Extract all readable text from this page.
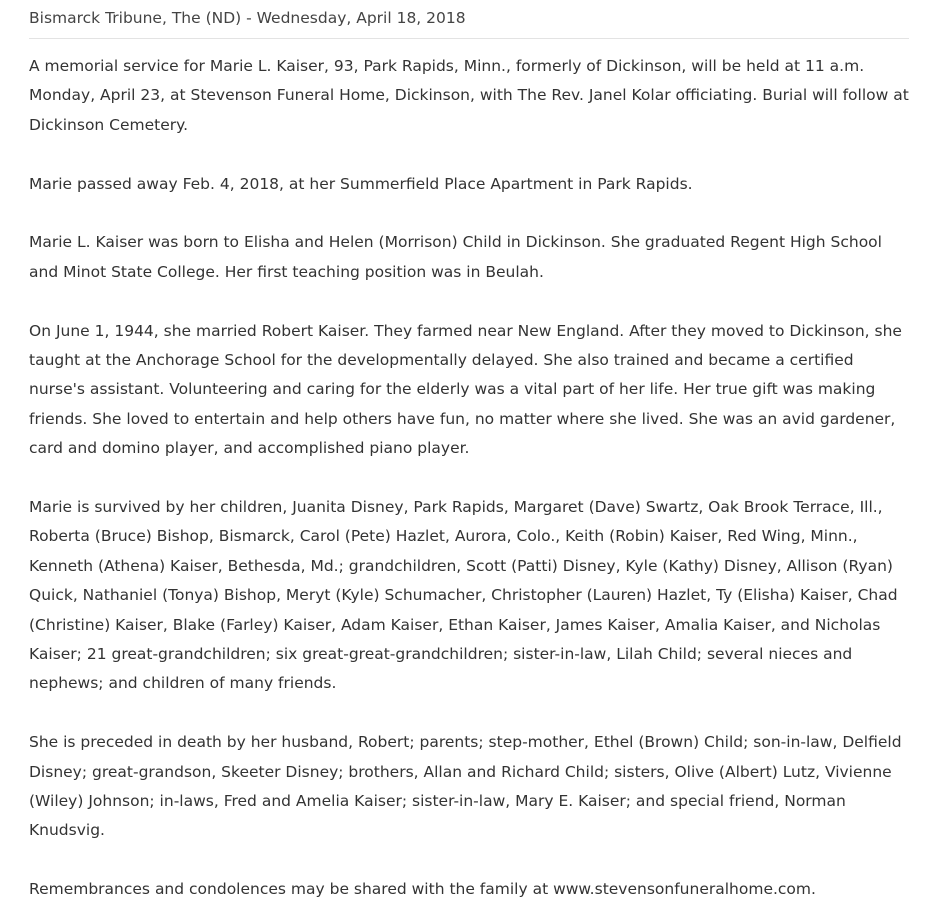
Bismarck Tribune, The (ND) - Wednesday, April 18, 2018

A memorial service for Marie L. Kaiser, 93, Park Rapids, Minn., formerly of Dickinson, will be held at 11 a.m. Monday, April 23, at Stevenson Funeral Home, Dickinson, with The Rev. Janel Kolar officiating. Burial will follow at Dickinson Cemetery.

Marie passed away Feb. 4, 2018, at her Summerfield Place Apartment in Park Rapids.

Marie L. Kaiser was born to Elisha and Helen (Morrison) Child in Dickinson. She graduated Regent High School and Minot State College. Her first teaching position was in Beulah.

On June 1, 1944, she married Robert Kaiser. They farmed near New England. After they moved to Dickinson, she taught at the Anchorage School for the developmentally delayed. She also trained and became a certified nurse's assistant. Volunteering and caring for the elderly was a vital part of her life. Her true gift was making friends. She loved to entertain and help others have fun, no matter where she lived. She was an avid gardener, card and domino player, and accomplished piano player.

Marie is survived by her children, Juanita Disney, Park Rapids, Margaret (Dave) Swartz, Oak Brook Terrace, Ill., Roberta (Bruce) Bishop, Bismarck, Carol (Pete) Hazlet, Aurora, Colo., Keith (Robin) Kaiser, Red Wing, Minn., Kenneth (Athena) Kaiser, Bethesda, Md.; grandchildren, Scott (Patti) Disney, Kyle (Kathy) Disney, Allison (Ryan) Quick, Nathaniel (Tonya) Bishop, Meryt (Kyle) Schumacher, Christopher (Lauren) Hazlet, Ty (Elisha) Kaiser, Chad (Christine) Kaiser, Blake (Farley) Kaiser, Adam Kaiser, Ethan Kaiser, James Kaiser, Amalia Kaiser, and Nicholas Kaiser; 21 great-grandchildren; six great-great-grandchildren; sister-in-law, Lilah Child; several nieces and nephews; and children of many friends.

She is preceded in death by her husband, Robert; parents; step-mother, Ethel (Brown) Child; son-in-law, Delfield Disney; great-grandson, Skeeter Disney; brothers, Allan and Richard Child; sisters, Olive (Albert) Lutz, Vivienne (Wiley) Johnson; in-laws, Fred and Amelia Kaiser; sister-in-law, Mary E. Kaiser; and special friend, Norman Knudsvig.

Remembrances and condolences may be shared with the family at www.stevensonfuneralhome.com.
